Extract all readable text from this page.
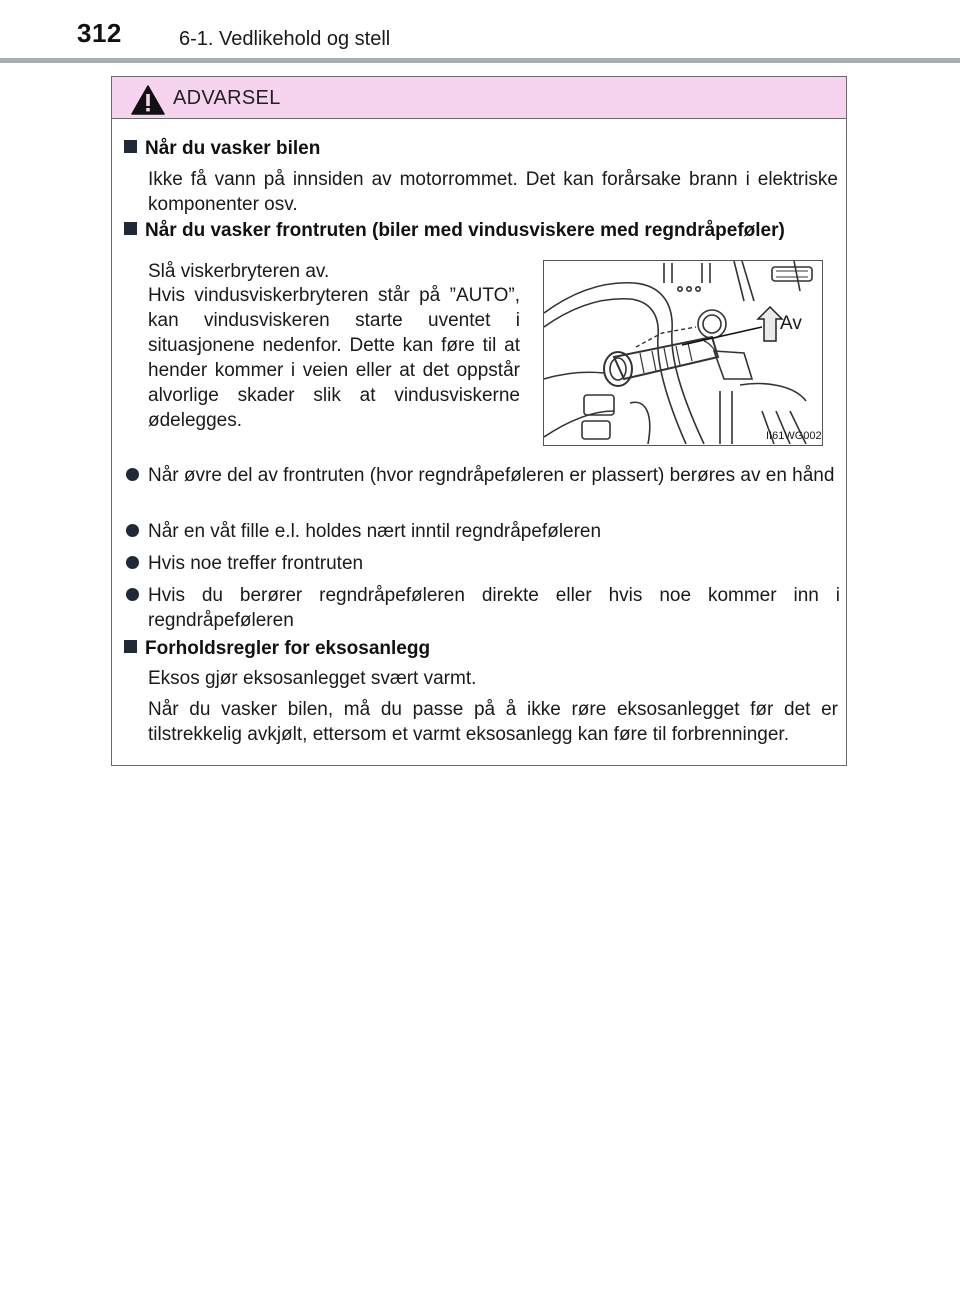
312	6-1. Vedlikehold og stell
ADVARSEL
Når du vasker bilen
Ikke få vann på innsiden av motorrommet. Det kan forårsake brann i elektriske komponenter osv.
Når du vasker frontruten (biler med vindusviskere med regndråpeføler)
Slå viskerbryteren av.
Hvis vindusviskerbryteren står på ”AUTO”, kan vindusviskeren starte uventet i situasjonene nedenfor. Dette kan føre til at hender kommer i veien eller at det oppstår alvorlige skader slik at vindusviskerne ødelegges.
Av
II61WG002
Når øvre del av frontruten (hvor regndråpeføleren er plassert) berøres av en hånd
Når en våt fille e.l. holdes nært inntil regndråpeføleren
Hvis noe treffer frontruten
Hvis du berører regndråpeføleren direkte eller hvis noe kommer inn i regndråpeføleren
Forholdsregler for eksosanlegg
Eksos gjør eksosanlegget svært varmt.
Når du vasker bilen, må du passe på å ikke røre eksosanlegget før det er tilstrekkelig avkjølt, ettersom et varmt eksosanlegg kan føre til forbrenninger.
